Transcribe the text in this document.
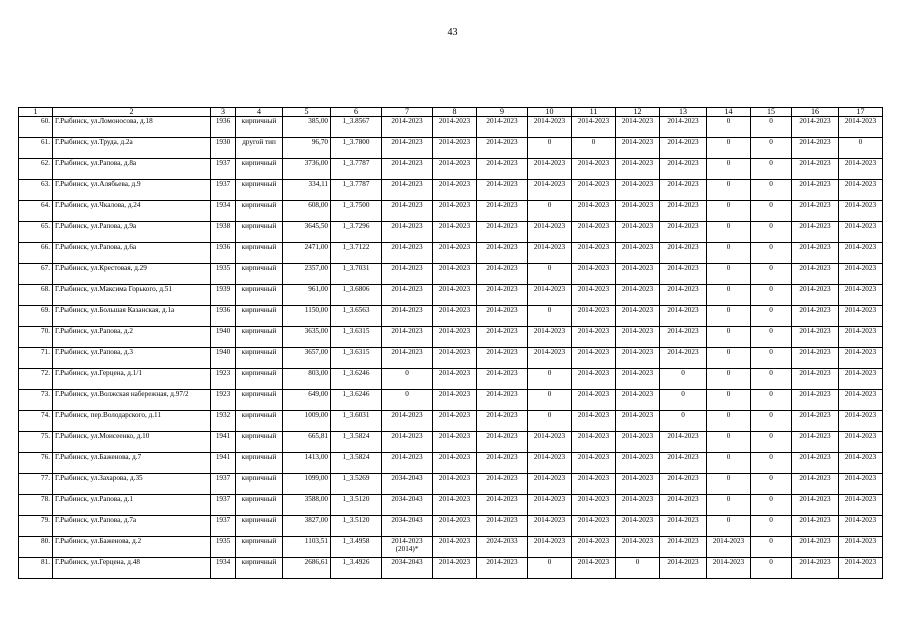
43
1	2	3	4	5	6	7	8	9	10	11	12	13	14	15	16	17
60.	Г.Рыбинск, ул.Ломоносова, д.18	1936	кирпичный	385,00	1_3.8567	2014-2023	2014-2023	2014-2023	2014-2023	2014-2023	2014-2023	2014-2023	0	0	2014-2023	2014-2023
61.	Г.Рыбинск, ул.Труда, д.2а	1930	другой тип	96,70	1_3.7800	2014-2023	2014-2023	2014-2023	0	0	2014-2023	2014-2023	0	0	2014-2023	0
62.	Г.Рыбинск, ул.Рапова, д.8а	1937	кирпичный	3736,00	1_3.7787	2014-2023	2014-2023	2014-2023	2014-2023	2014-2023	2014-2023	2014-2023	0	0	2014-2023	2014-2023
63.	Г.Рыбинск, ул.Алябьева, д.9	1937	кирпичный	334,11	1_3.7787	2014-2023	2014-2023	2014-2023	2014-2023	2014-2023	2014-2023	2014-2023	0	0	2014-2023	2014-2023
64.	Г.Рыбинск, ул.Чкалова, д.24	1934	кирпичный	608,00	1_3.7500	2014-2023	2014-2023	2014-2023	0	2014-2023	2014-2023	2014-2023	0	0	2014-2023	2014-2023
65.	Г.Рыбинск, ул.Рапова, д.9а	1938	кирпичный	3645,50	1_3.7296	2014-2023	2014-2023	2014-2023	2014-2023	2014-2023	2014-2023	2014-2023	0	0	2014-2023	2014-2023
66.	Г.Рыбинск, ул.Рапова, д.6а	1936	кирпичный	2471,00	1_3.7122	2014-2023	2014-2023	2014-2023	2014-2023	2014-2023	2014-2023	2014-2023	0	0	2014-2023	2014-2023
67.	Г.Рыбинск, ул.Крестовая, д.29	1935	кирпичный	2357,00	1_3.7031	2014-2023	2014-2023	2014-2023	0	2014-2023	2014-2023	2014-2023	0	0	2014-2023	2014-2023
68.	Г.Рыбинск, ул.Максима Горького, д.51	1939	кирпичный	961,00	1_3.6806	2014-2023	2014-2023	2014-2023	2014-2023	2014-2023	2014-2023	2014-2023	0	0	2014-2023	2014-2023
69.	Г.Рыбинск, ул.Большая Казанская, д.1а	1936	кирпичный	1150,00	1_3.6563	2014-2023	2014-2023	2014-2023	0	2014-2023	2014-2023	2014-2023	0	0	2014-2023	2014-2023
70.	Г.Рыбинск, ул.Рапова, д.2	1940	кирпичный	3635,00	1_3.6315	2014-2023	2014-2023	2014-2023	2014-2023	2014-2023	2014-2023	2014-2023	0	0	2014-2023	2014-2023
71.	Г.Рыбинск, ул.Рапова, д.3	1940	кирпичный	3657,00	1_3.6315	2014-2023	2014-2023	2014-2023	2014-2023	2014-2023	2014-2023	2014-2023	0	0	2014-2023	2014-2023
72.	Г.Рыбинск, ул.Герцена, д.1/1	1923	кирпичный	803,00	1_3.6246	0	2014-2023	2014-2023	0	2014-2023	2014-2023	0	0	0	2014-2023	2014-2023
73.	Г.Рыбинск, ул.Волжская набережная, д.97/2	1923	кирпичный	649,00	1_3.6246	0	2014-2023	2014-2023	0	2014-2023	2014-2023	0	0	0	2014-2023	2014-2023
74.	Г.Рыбинск, пер.Володарского, д.11	1932	кирпичный	1009,00	1_3.6031	2014-2023	2014-2023	2014-2023	0	2014-2023	2014-2023	0	0	0	2014-2023	2014-2023
75.	Г.Рыбинск, ул.Моисеенко, д.10	1941	кирпичный	665,81	1_3.5824	2014-2023	2014-2023	2014-2023	2014-2023	2014-2023	2014-2023	2014-2023	0	0	2014-2023	2014-2023
76.	Г.Рыбинск, ул.Баженова, д.7	1941	кирпичный	1413,00	1_3.5824	2014-2023	2014-2023	2014-2023	2014-2023	2014-2023	2014-2023	2014-2023	0	0	2014-2023	2014-2023
77.	Г.Рыбинск, ул.Захарова, д.35	1937	кирпичный	1099,00	1_3.5269	2034-2043	2014-2023	2014-2023	2014-2023	2014-2023	2014-2023	2014-2023	0	0	2014-2023	2014-2023
78.	Г.Рыбинск, ул.Рапова, д.1	1937	кирпичный	3588,00	1_3.5120	2034-2043	2014-2023	2014-2023	2014-2023	2014-2023	2014-2023	2014-2023	0	0	2014-2023	2014-2023
79.	Г.Рыбинск, ул.Рапова, д.7а	1937	кирпичный	3827,00	1_3.5120	2034-2043	2014-2023	2014-2023	2014-2023	2014-2023	2014-2023	2014-2023	0	0	2014-2023	2014-2023
80.	Г.Рыбинск, ул.Баженова, д.2	1935	кирпичный	1103,51	1_3.4958	2014-2023 (2014)*	2014-2023	2024-2033	2014-2023	2014-2023	2014-2023	2014-2023	2014-2023	0	2014-2023	2014-2023
81.	Г.Рыбинск, ул.Герцена, д.48	1934	кирпичный	2686,61	1_3.4926	2034-2043	2014-2023	2014-2023	0	2014-2023	0	2014-2023	2014-2023	0	2014-2023	2014-2023
